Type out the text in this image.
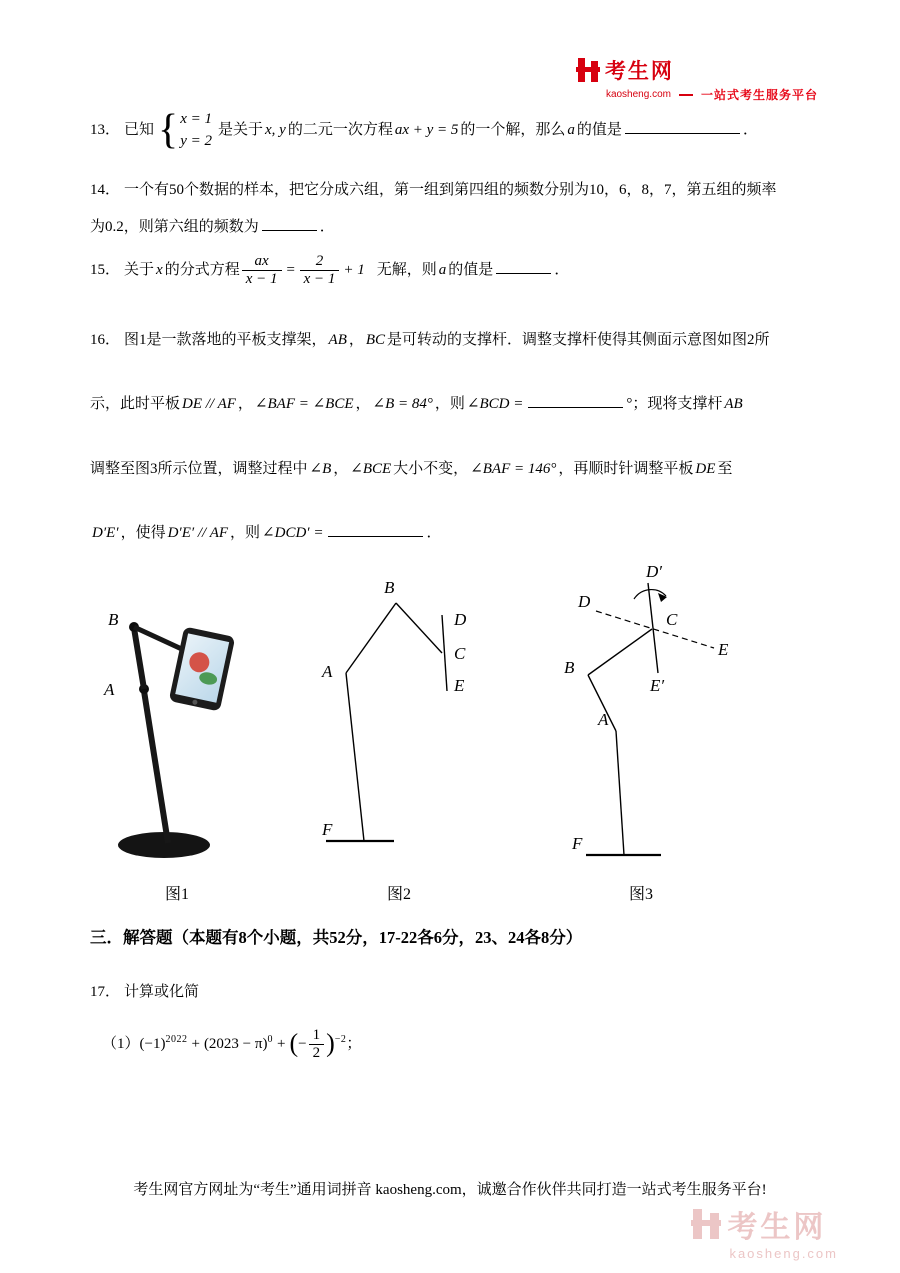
考生网
kaosheng.com	一站式考生服务平台
13． 已知 { x = 1
y = 2
是关于 x, y 的二元一次方程 ax + y = 5 的一个解，那么 a 的值是	．

14． 一个有50个数据的样本，把它分成六组，第一组到第四组的频数分别为10，6，8，7，第五组的频率

为0.2，则第六组的频数为	．

15． 关于 x 的分式方程 $\frac{ax}{x - 1} = \frac{2}{x - 1} + 1$ 无解，则 a 的值是	．

16． 图1是一款落地的平板支撑架， AB ， BC 是可转动的支撑杆．调整支撑杆使得其侧面示意图如图2所

示，此时平板 DE // AF ， ∠BAF = ∠BCE ， ∠B = 84° ，则 ∠BCD =	°；现将支撑杆 AB

调整至图3所示位置，调整过程中 ∠B ， ∠BCE 大小不变， ∠BAF = 146° ，再顺时针调整平板 DE 至

D′E′ ，使得 D′E′ // AF ，则 ∠DCD′ =	．

B
A
图1
B
A
D
C
E
F
图2
D′
D
C
E
E′
B
A
F
图3
三．解答题（本题有8个小题，共52分，17-22各6分，23、24各8分）
17． 计算或化简
$(1)(-1)^{2022} + (2023 - \pi)^0$ + (− $\frac{1}{2} )^{-2}$；
考生网官方网址为“考生”通用词拼音 kaosheng.com，诚邀合作伙伴共同打造一站式考生服务平台!
考生网
kaosheng.com
